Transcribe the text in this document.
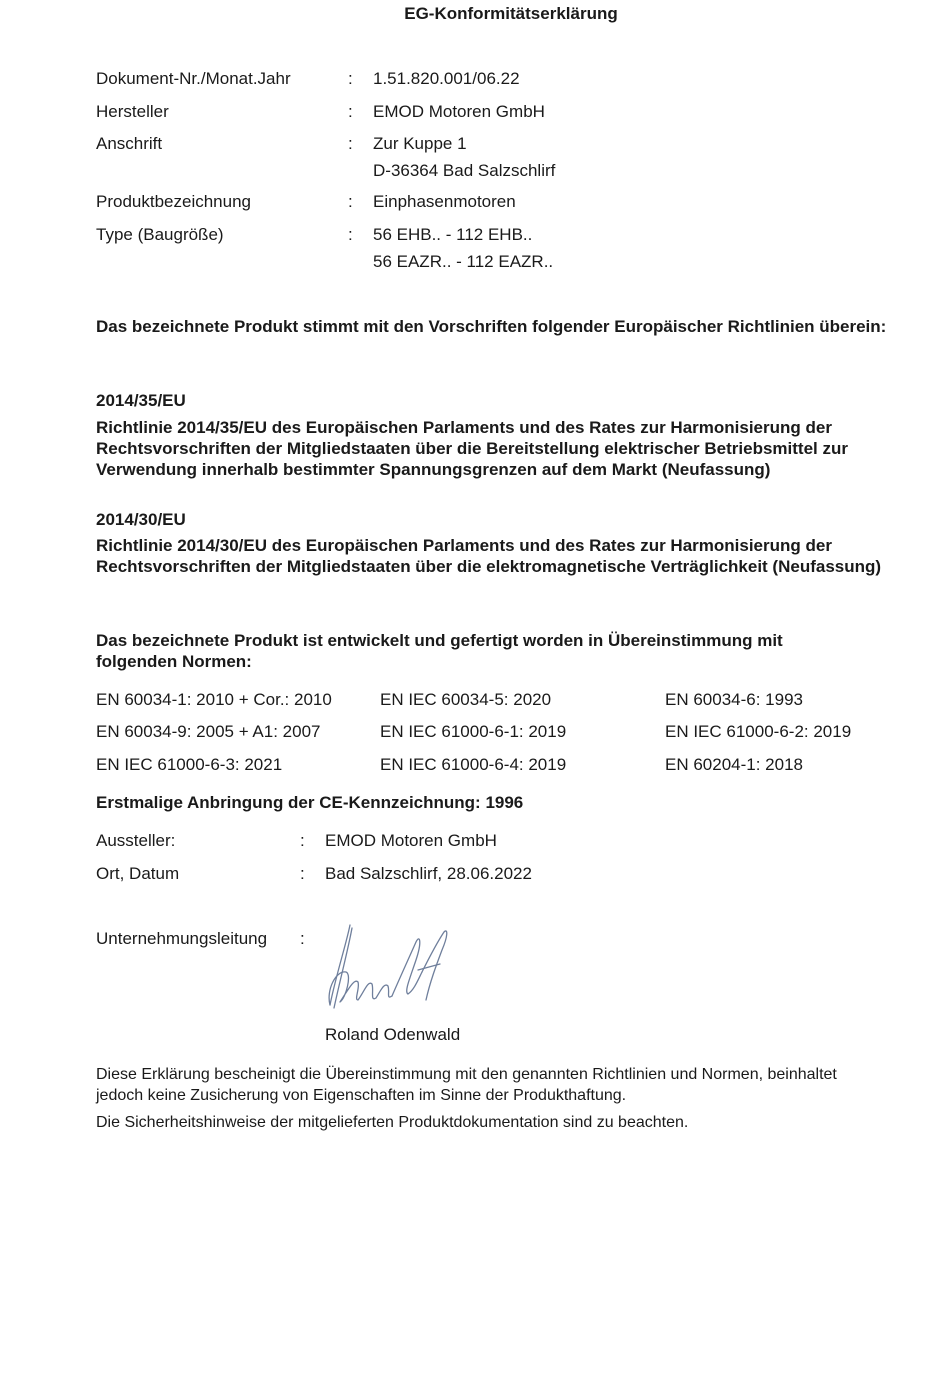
EG-Konformitätserklärung
Dokument-Nr./Monat.Jahr	: 1.51.820.001/06.22
Hersteller	: EMOD Motoren GmbH
Anschrift	: Zur Kuppe 1
D-36364 Bad Salzschlirf
Produktbezeichnung	: Einphasenmotoren
Type (Baugröße)	: 56 EHB.. - 112 EHB..
56 EAZR.. - 112 EAZR..
Das bezeichnete Produkt stimmt mit den Vorschriften folgender Europäischer Richtlinien überein:
2014/35/EU
Richtlinie 2014/35/EU des Europäischen Parlaments und des Rates zur Harmonisierung der Rechtsvorschriften der Mitgliedstaaten über die Bereitstellung elektrischer Betriebsmittel zur Verwendung innerhalb bestimmter Spannungsgrenzen auf dem Markt (Neufassung)
2014/30/EU
Richtlinie 2014/30/EU des Europäischen Parlaments und des Rates zur Harmonisierung der Rechtsvorschriften der Mitgliedstaaten über die elektromagnetische Verträglichkeit (Neufassung)
Das bezeichnete Produkt ist entwickelt und gefertigt worden in Übereinstimmung mit folgenden Normen:
EN 60034-1: 2010 + Cor.: 2010	EN IEC 60034-5: 2020	EN 60034-6: 1993
EN 60034-9: 2005 + A1: 2007	EN IEC 61000-6-1: 2019	EN IEC 61000-6-2: 2019
EN IEC 61000-6-3: 2021	EN IEC 61000-6-4: 2019	EN 60204-1: 2018
Erstmalige Anbringung der CE-Kennzeichnung: 1996
Aussteller:	: EMOD Motoren GmbH
Ort, Datum	: Bad Salzschlirf, 28.06.2022
Unternehmungsleitung :
Roland Odenwald
Diese Erklärung bescheinigt die Übereinstimmung mit den genannten Richtlinien und Normen, beinhaltet jedoch keine Zusicherung von Eigenschaften im Sinne der Produkthaftung.
Die Sicherheitshinweise der mitgelieferten Produktdokumentation sind zu beachten.
